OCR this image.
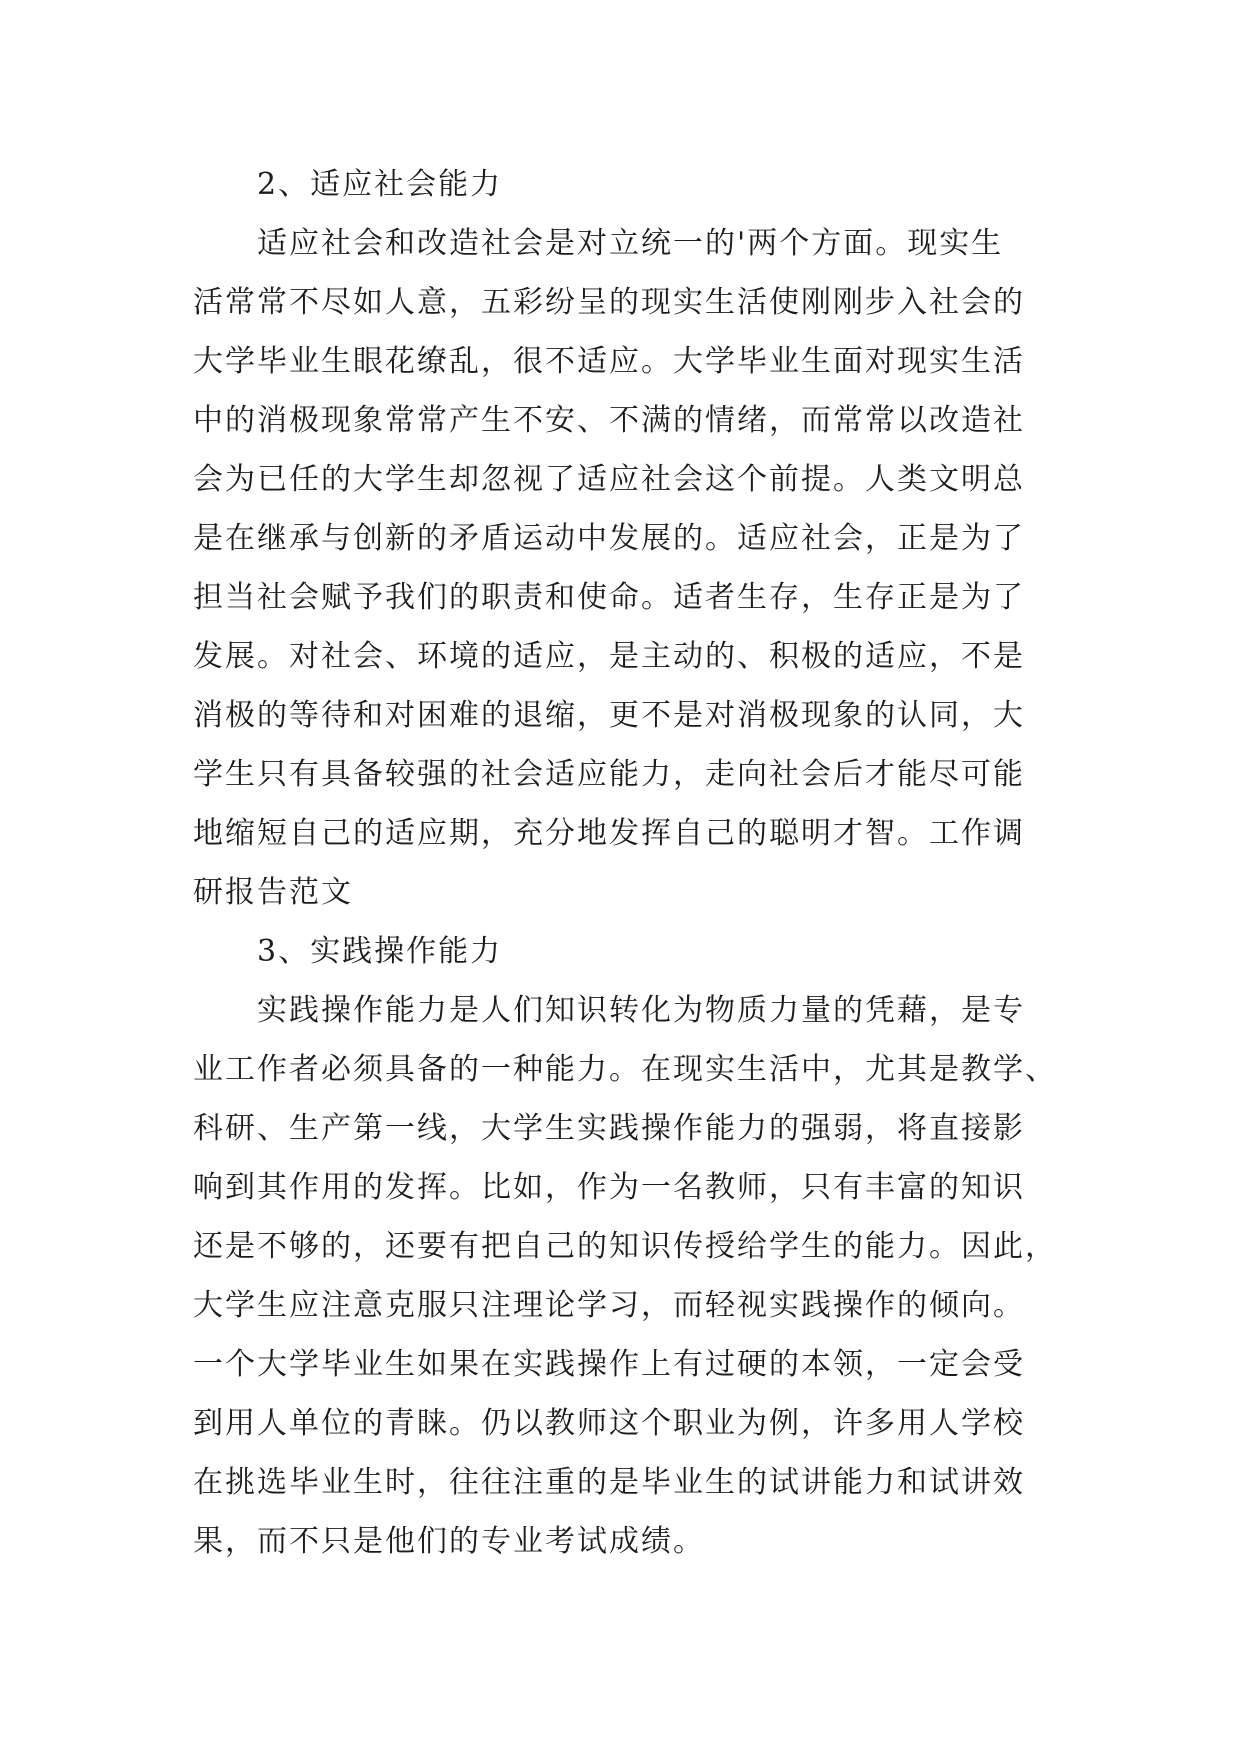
2、适应社会能力
适应社会和改造社会是对立统一的'两个方面。现实生
活常常不尽如人意，五彩纷呈的现实生活使刚刚步入社会的
大学毕业生眼花缭乱，很不适应。大学毕业生面对现实生活
中的消极现象常常产生不安、不满的情绪，而常常以改造社
会为已任的大学生却忽视了适应社会这个前提。人类文明总
是在继承与创新的矛盾运动中发展的。适应社会，正是为了
担当社会赋予我们的职责和使命。适者生存，生存正是为了
发展。对社会、环境的适应，是主动的、积极的适应，不是
消极的等待和对困难的退缩，更不是对消极现象的认同，大
学生只有具备较强的社会适应能力，走向社会后才能尽可能
地缩短自己的适应期，充分地发挥自己的聪明才智。工作调
研报告范文
3、实践操作能力
实践操作能力是人们知识转化为物质力量的凭藉，是专
业工作者必须具备的一种能力。在现实生活中，尤其是教学、
科研、生产第一线，大学生实践操作能力的强弱，将直接影
响到其作用的发挥。比如，作为一名教师，只有丰富的知识
还是不够的，还要有把自己的知识传授给学生的能力。因此，
大学生应注意克服只注理论学习，而轻视实践操作的倾向。
一个大学毕业生如果在实践操作上有过硬的本领，一定会受
到用人单位的青睐。仍以教师这个职业为例，许多用人学校
在挑选毕业生时，往往注重的是毕业生的试讲能力和试讲效
果，而不只是他们的专业考试成绩。
